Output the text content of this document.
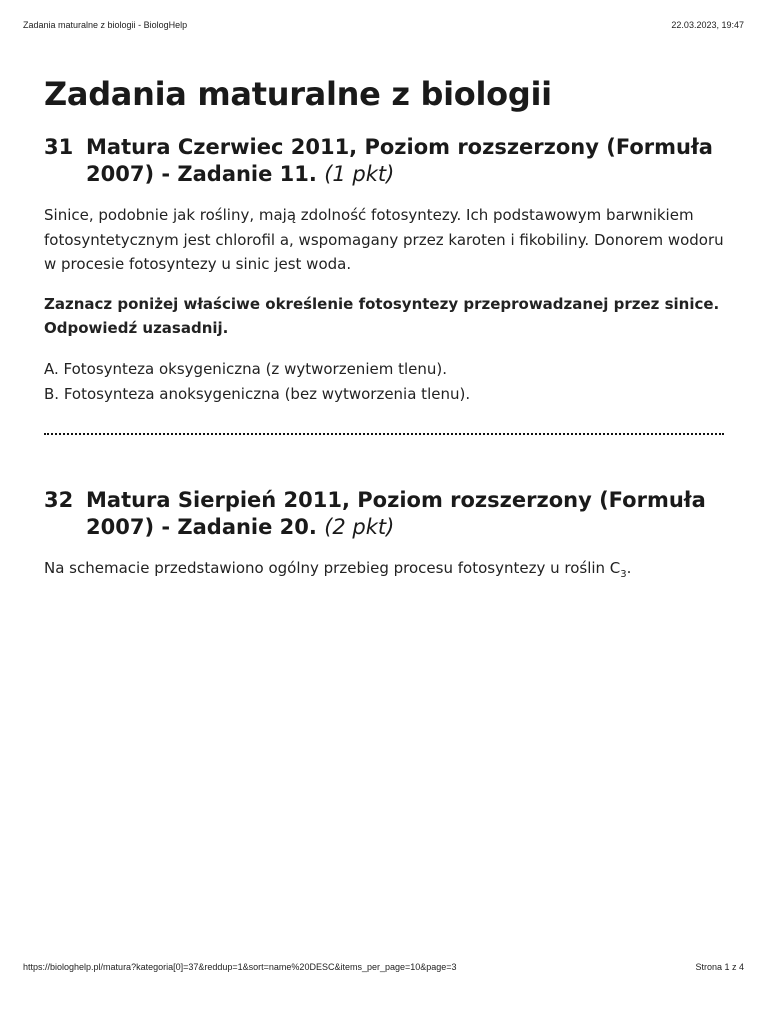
Zadania maturalne z biologii - BiologHelp	22.03.2023, 19:47
Zadania maturalne z biologii
31 Matura Czerwiec 2011, Poziom rozszerzony (Formuła 2007) - Zadanie 11. (1 pkt)

Sinice, podobnie jak rośliny, mają zdolność fotosyntezy. Ich podstawowym barwnikiem fotosyntetycznym jest chlorofil a, wspomagany przez karoten i fikobiliny. Donorem wodoru w procesie fotosyntezy u sinic jest woda.

Zaznacz poniżej właściwe określenie fotosyntezy przeprowadzanej przez sinice. Odpowiedź uzasadnij.

A. Fotosynteza oksygeniczna (z wytworzeniem tlenu).

B. Fotosynteza anoksygeniczna (bez wytworzenia tlenu).

32 Matura Sierpień 2011, Poziom rozszerzony (Formuła 2007) - Zadanie 20. (2 pkt)

Na schemacie przedstawiono ogólny przebieg procesu fotosyntezy u roślin $C_3$.

https://biologhelp.pl/matura?kategoria[0]=37&reddup=1&sort=name%20DESC&items_per_page=10&page=3	Strona 1 z 4
